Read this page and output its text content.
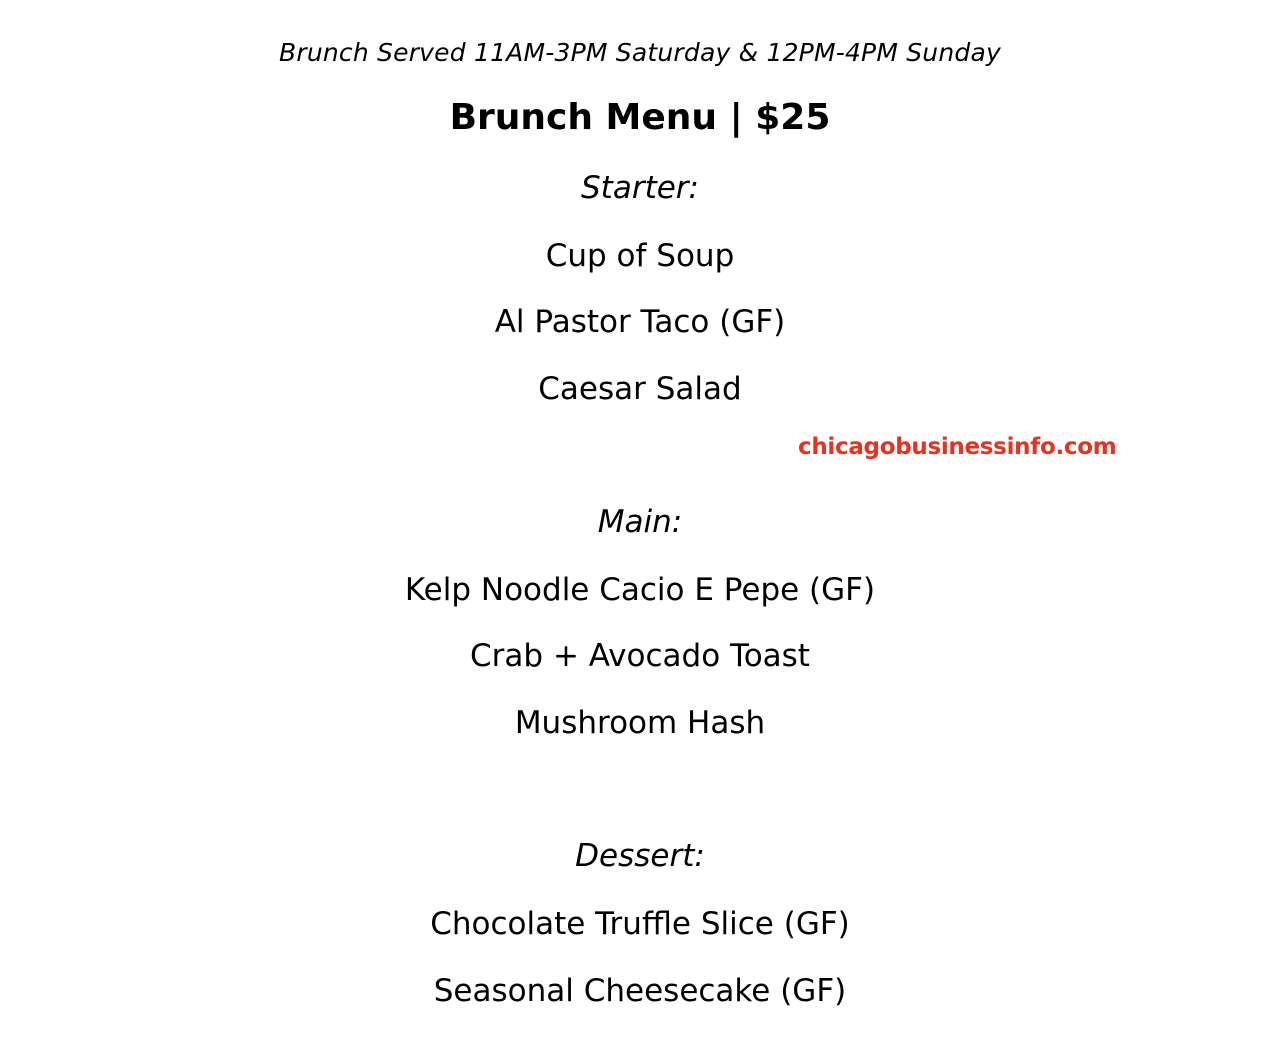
Brunch Served 11AM-3PM Saturday & 12PM-4PM Sunday
Brunch Menu | $25
Starter:
Cup of Soup
Al Pastor Taco (GF)
Caesar Salad
Main:
Kelp Noodle Cacio E Pepe (GF)
Crab + Avocado Toast
Mushroom Hash
Dessert:
Chocolate Truffle Slice (GF)
Seasonal Cheesecake (GF)
chicagobusinessinfo.com
